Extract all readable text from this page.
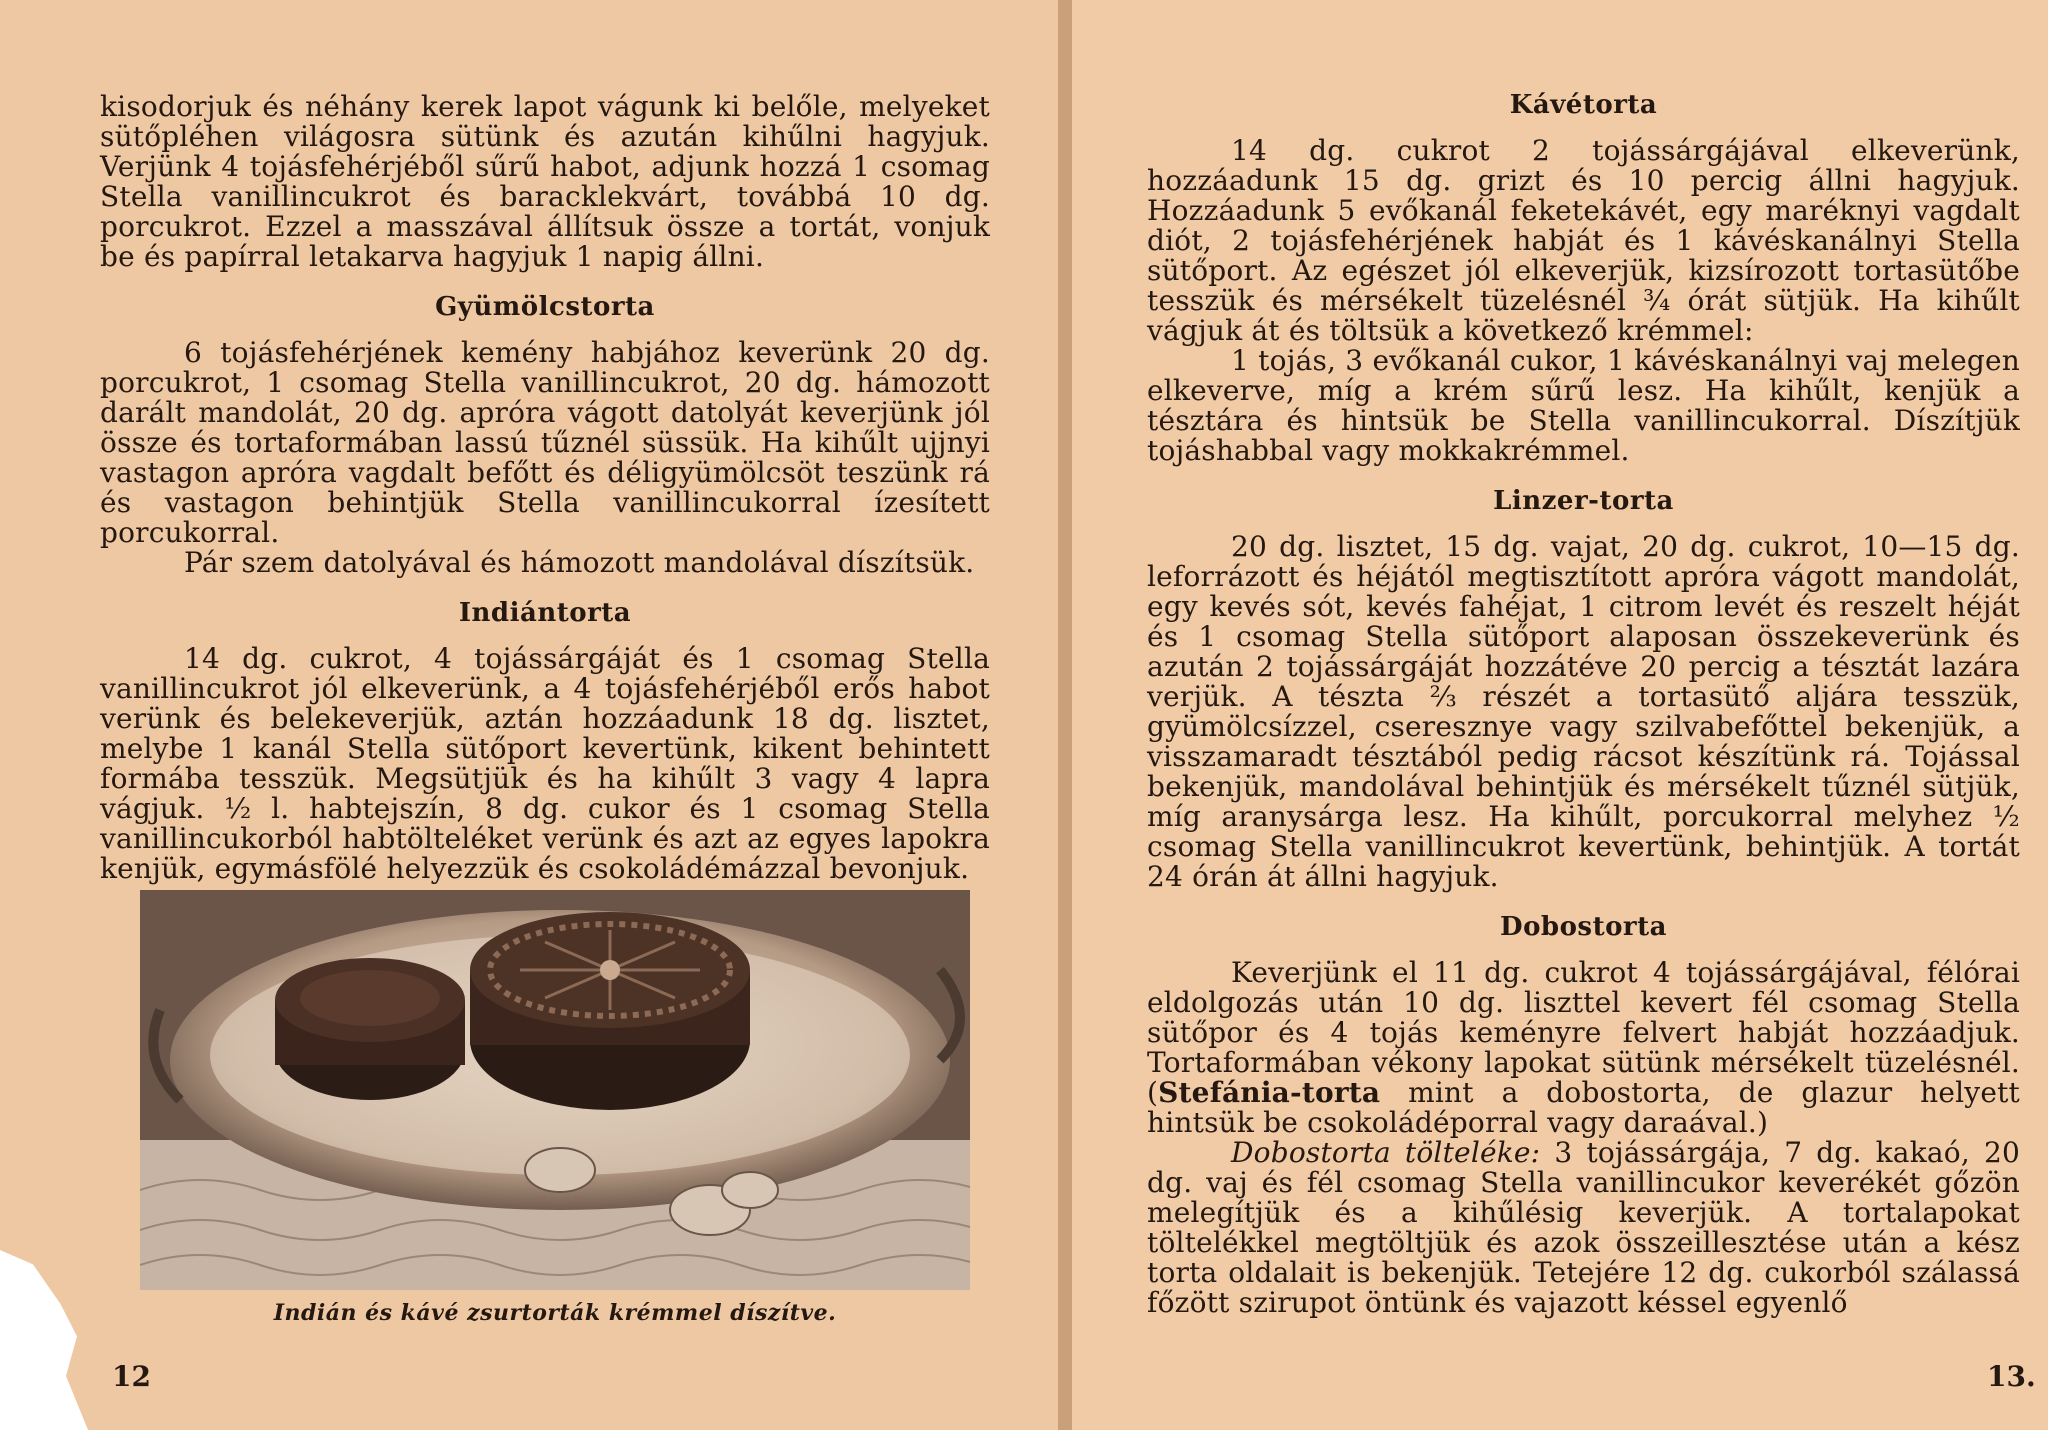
kisodorjuk és néhány kerek lapot vágunk ki belőle, melyeket sütőpléhen világosra sütünk és azután kihűlni hagyjuk. Verjünk 4 tojásfehérjéből sűrű habot, adjunk hozzá 1 csomag Stella vanillincukrot és baracklekvárt, továbbá 10 dg. porcukrot. Ezzel a masszával állítsuk össze a tortát, vonjuk be és papírral letakarva hagyjuk 1 napig állni.

Gyümölcstorta

6 tojásfehérjének kemény habjához keverünk 20 dg. porcukrot, 1 csomag Stella vanillincukrot, 20 dg. hámozott darált mandolát, 20 dg. apróra vágott datolyát keverjünk jól össze és tortaformában lassú tűznél süssük. Ha kihűlt ujjnyi vastagon apróra vagdalt befőtt és déligyümölcsöt teszünk rá és vastagon behintjük Stella vanillincukorral ízesített porcukorral.

Pár szem datolyával és hámozott mandolával díszítsük.

Indiántorta

14 dg. cukrot, 4 tojássárgáját és 1 csomag Stella vanillincukrot jól elkeverünk, a 4 tojásfehérjéből erős habot verünk és belekeverjük, aztán hozzáadunk 18 dg. lisztet, melybe 1 kanál Stella sütőport kevertünk, kikent behintett formába tesszük. Megsütjük és ha kihűlt 3 vagy 4 lapra vágjuk. ½ l. habtejszín, 8 dg. cukor és 1 csomag Stella vanillincukorból habtölteléket verünk és azt az egyes lapokra kenjük, egymásfölé helyezzük és csokoládémázzal bevonjuk.

Indián és kávé zsurtorták krémmel díszítve.
12
Kávétorta

14 dg. cukrot 2 tojássárgájával elkeverünk, hozzáadunk 15 dg. grizt és 10 percig állni hagyjuk. Hozzáadunk 5 evőkanál feketekávét, egy maréknyi vagdalt diót, 2 tojásfehérjének habját és 1 kávéskanálnyi Stella sütőport. Az egészet jól elkeverjük, kizsírozott tortasütőbe tesszük és mérsékelt tüzelésnél ¾ órát sütjük. Ha kihűlt vágjuk át és töltsük a következő krémmel:

1 tojás, 3 evőkanál cukor, 1 kávéskanálnyi vaj melegen elkeverve, míg a krém sűrű lesz. Ha kihűlt, kenjük a tésztára és hintsük be Stella vanillincukorral. Díszítjük tojáshabbal vagy mokkakrémmel.

Linzer-torta

20 dg. lisztet, 15 dg. vajat, 20 dg. cukrot, 10—15 dg. leforrázott és héjától megtisztított apróra vágott mandolát, egy kevés sót, kevés fahéjat, 1 citrom levét és reszelt héját és 1 csomag Stella sütőport alaposan összekeverünk és azután 2 tojássárgáját hozzátéve 20 percig a tésztát lazára verjük. A tészta ⅔ részét a tortasütő aljára tesszük, gyümölcsízzel, cseresznye vagy szilvabefőttel bekenjük, a visszamaradt tésztából pedig rácsot készítünk rá. Tojással bekenjük, mandolával behintjük és mérsékelt tűznél sütjük, míg aranysárga lesz. Ha kihűlt, porcukorral melyhez ½ csomag Stella vanillincukrot kevertünk, behintjük. A tortát 24 órán át állni hagyjuk.

Dobostorta

Keverjünk el 11 dg. cukrot 4 tojássárgájával, félórai eldolgozás után 10 dg. liszttel kevert fél csomag Stella sütőpor és 4 tojás keményre felvert habját hozzáadjuk. Tortaformában vékony lapokat sütünk mérsékelt tüzelésnél. (Stefánia-torta mint a dobostorta, de glazur helyett hintsük be csokoládéporral vagy daraával.)

Dobostorta tölteléke: 3 tojássárgája, 7 dg. kakaó, 20 dg. vaj és fél csomag Stella vanillincukor keverékét gőzön melegítjük és a kihűlésig keverjük. A tortalapokat töltelékkel megtöltjük és azok összeillesztése után a kész torta oldalait is bekenjük. Tetejére 12 dg. cukorból szálassá főzött szirupot öntünk és vajazott késsel egyenlő

13.
